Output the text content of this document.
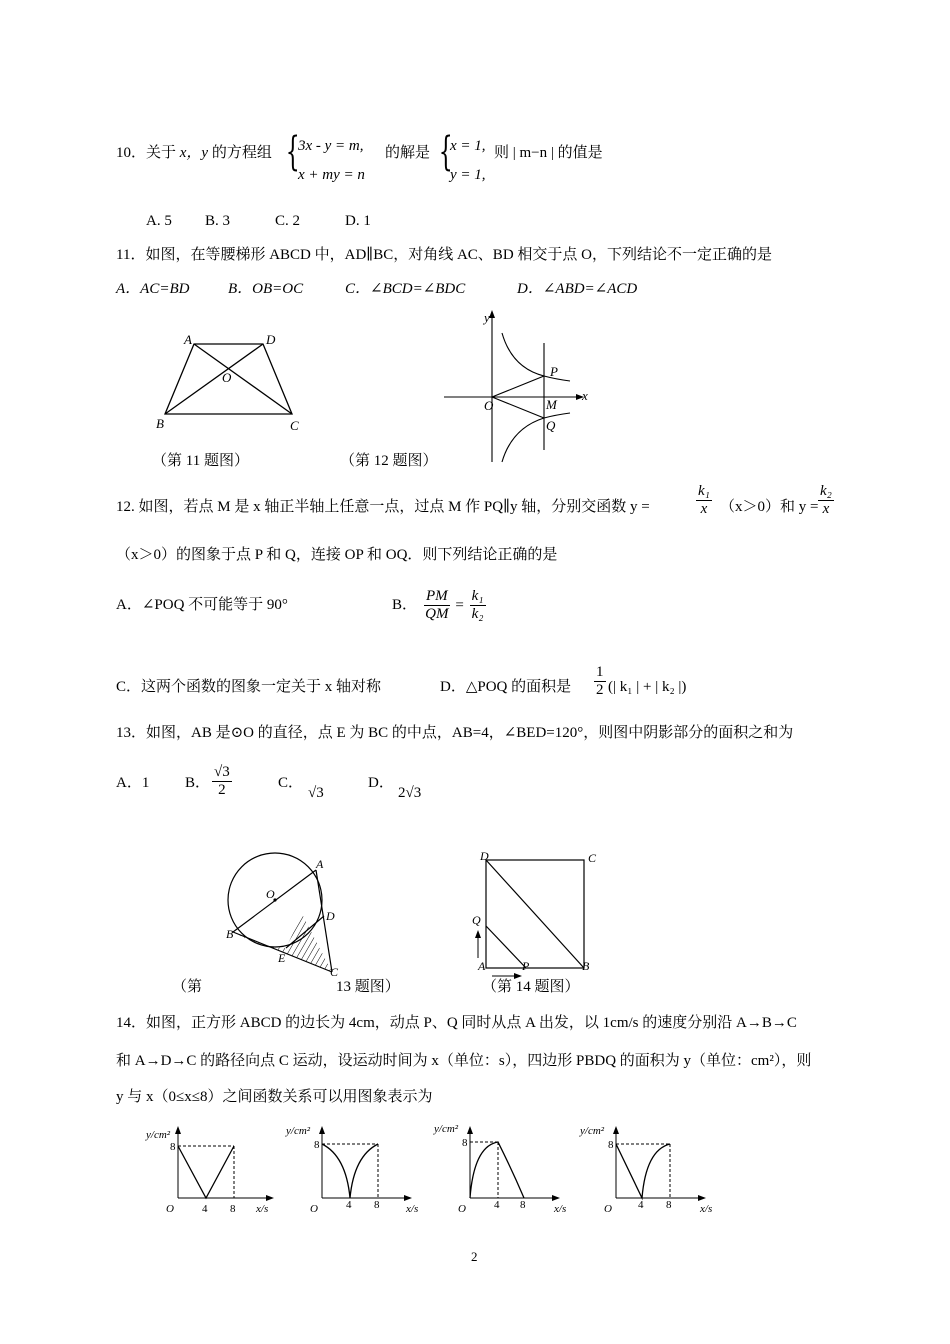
10．关于 x，y 的方程组 {
3x - y = m,
x + my = n
的解是 {
x = 1,
y = 1,
则 | m−n | 的值是
A. 5 B. 3	C. 2	D. 1
11．如图，在等腰梯形 ABCD 中，AD∥BC，对角线 AC、BD 相交于点 O，下列结论不一定正确的是
A．AC=BD	B．OB=OC	C．∠BCD=∠BDC	D．∠ABD=∠ACD
A	D
O
B	C
（第 11 题图）
y
x
O
P
M
Q
（第 12 题图）
12. 如图，若点 M 是 x 轴正半轴上任意一点，过点 M 作 PQ∥y 轴，分别交函数 y =	$\frac{\text{k₁}}{x} (x>0)$和 $y = \frac{\text{k₂}}{x}$
（x＞0）的图象于点 P 和 Q，连接 OP 和 OQ．则下列结论正确的是
A．∠POQ 不可能等于 90°	B． $\frac{PM}{QM} = \frac{\text{k₁}}{\text{k₂}}$
C．这两个函数的图象一定关于 x 轴对称	D．△POQ 的面积是 $\frac{1}{2}$ (| k₁ | + | k₂ |)
13．如图，AB 是⊙O 的直径，点 E 为 BC 的中点，AB=4，∠BED=120°，则图中阴影部分的面积之和为
A．1 B． $\frac{√3}{2}$	C．
√3
D．
2√3
A
O
D
B
E
C
（第	13 题图）
D	C
Q
A	P	B
（第 14 题图）
14．如图，正方形 ABCD 的边长为 4cm，动点 P、Q 同时从点 A 出发，以 1cm/s 的速度分别沿 A→B→C
和 A→D→C 的路径向点 C 运动，设运动时间为 x（单位：s），四边形 PBDQ 的面积为 y（单位：cm²），则
y 与 x（0≤x≤8）之间函数关系可以用图象表示为
y/cm²
8
O	4 8 x/s
y/cm²
8
O	4 8 x/s
y/cm²
8
O	4 8	x/s
y/cm²
8
O 4 8	x/s
2
